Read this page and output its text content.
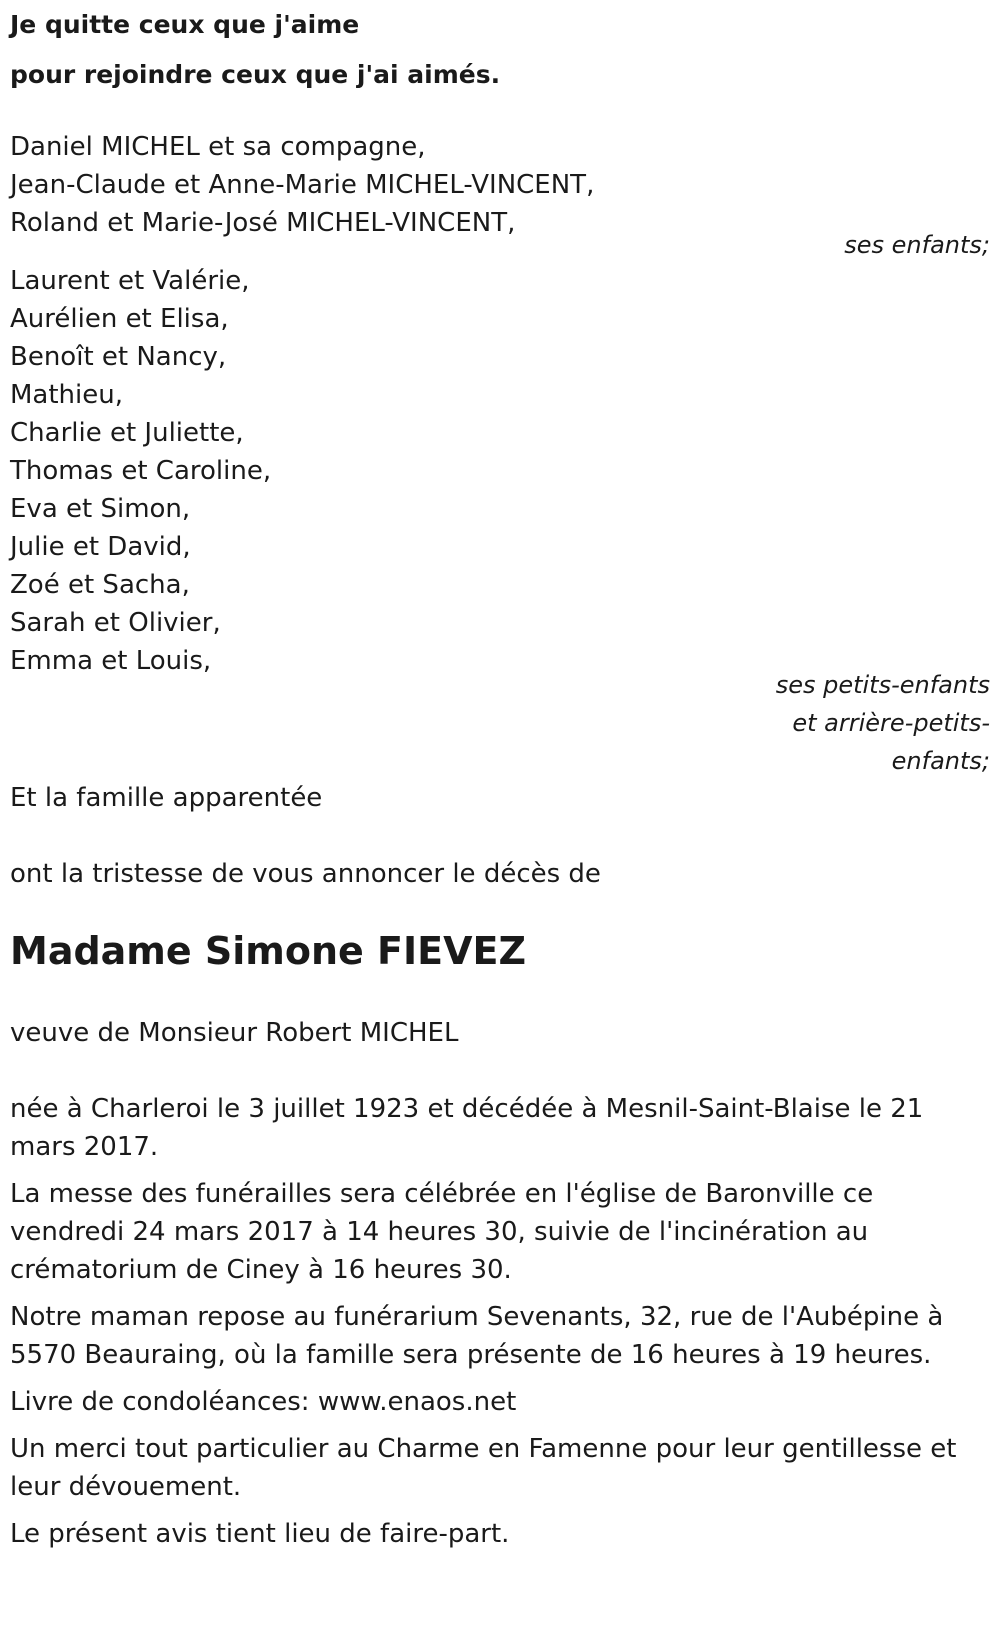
Je quitte ceux que j'aime
pour rejoindre ceux que j'ai aimés.
Daniel MICHEL et sa compagne,
Jean-Claude et Anne-Marie MICHEL-VINCENT,
Roland et Marie-José MICHEL-VINCENT,
ses enfants;
Laurent et Valérie,
Aurélien et Elisa,
Benoît et Nancy,
Mathieu,
Charlie et Juliette,
Thomas et Caroline,
Eva et Simon,
Julie et David,
Zoé et Sacha,
Sarah et Olivier,
Emma et Louis,
ses petits-enfants
et arrière-petits-
enfants;
Et la famille apparentée
ont la tristesse de vous annoncer le décès de
Madame Simone FIEVEZ
veuve de Monsieur Robert MICHEL
née à Charleroi le 3 juillet 1923 et décédée à Mesnil-Saint-Blaise le 21 mars 2017.
La messe des funérailles sera célébrée en l'église de Baronville ce vendredi 24 mars 2017 à 14 heures 30, suivie de l'incinération au crématorium de Ciney à 16 heures 30.
Notre maman repose au funérarium Sevenants, 32, rue de l'Aubépine à 5570 Beauraing, où la famille sera présente de 16 heures à 19 heures.
Livre de condoléances: www.enaos.net
Un merci tout particulier au Charme en Famenne pour leur gentillesse et leur dévouement.
Le présent avis tient lieu de faire-part.
